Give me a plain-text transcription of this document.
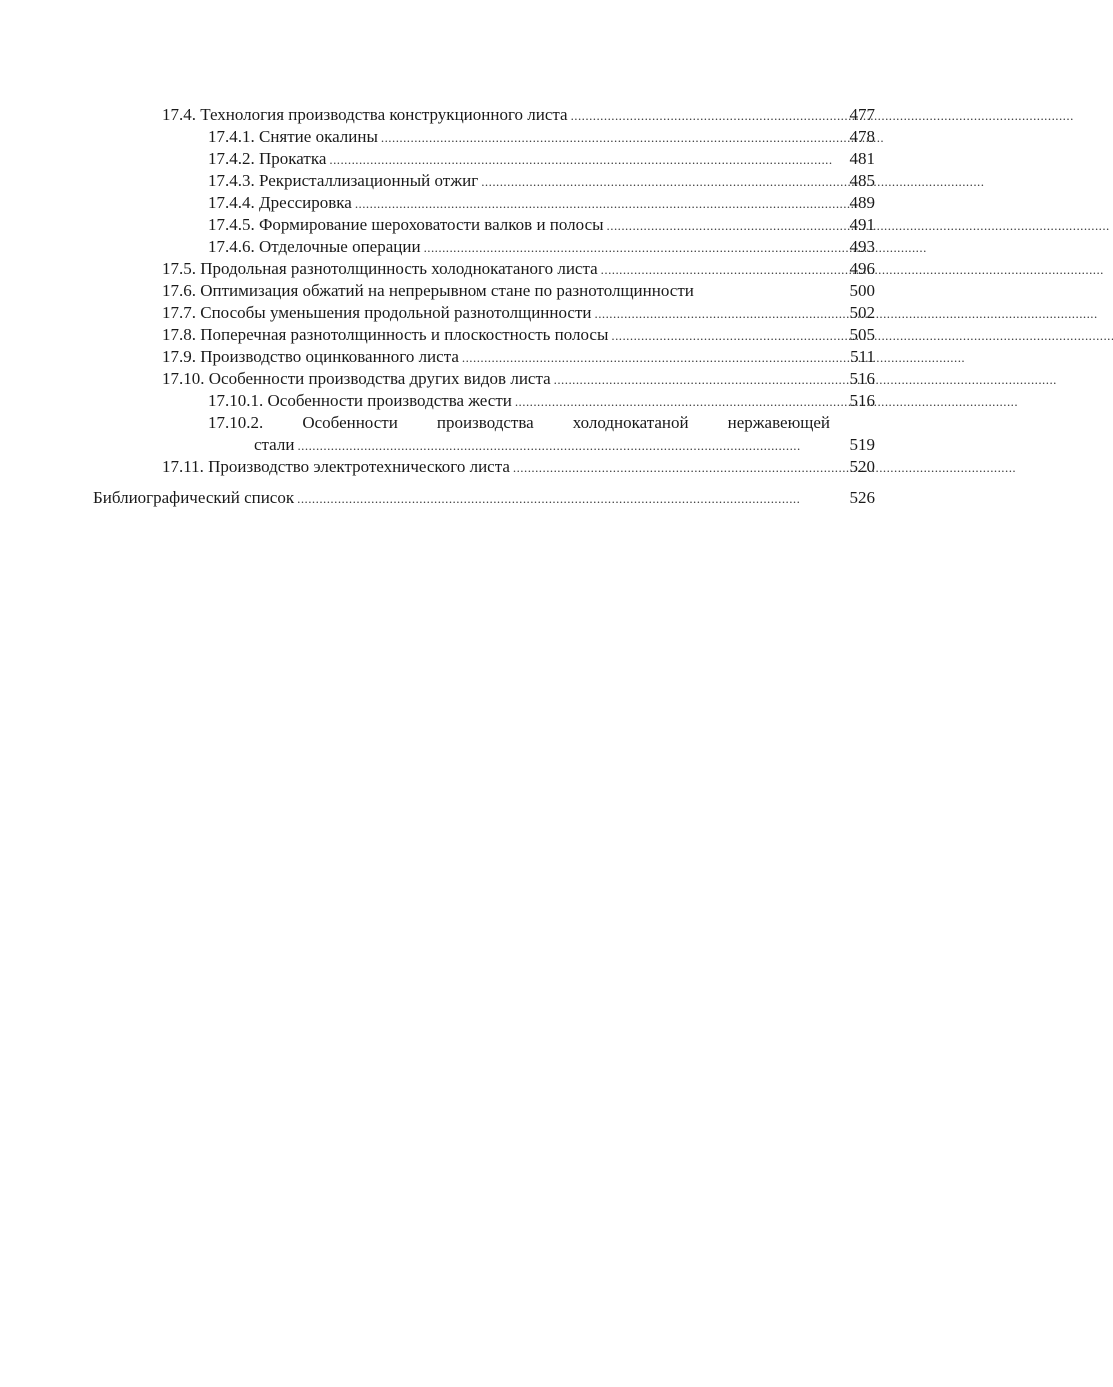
17.4. Технология производства конструкционного листа . . .	477
17.4.1. Снятие окалины . . .	478
17.4.2. Прокатка . . .	481
17.4.3. Рекристаллизационный отжиг . . .	485
17.4.4. Дрессировка . . .	489
17.4.5. Формирование шероховатости валков и полосы . . .	491
17.4.6. Отделочные операции . . .	493
17.5. Продольная разнотолщинность холоднокатаного листа . . .	496
17.6. Оптимизация обжатий на непрерывном стане по разнотолщинности	500
17.7. Способы уменьшения продольной разнотолщинности . . .	502
17.8. Поперечная разнотолщинность и плоскостность полосы . . .	505
17.9. Производство оцинкованного листа . . .	511
17.10. Особенности производства других видов листа . . .	516
17.10.1. Особенности производства жести . . .	516
17.10.2. Особенности производства холоднокатаной нержавеющей
стали . . .	519
17.11. Производство электротехнического листа . . .	520
Библиографический список . . .	526
